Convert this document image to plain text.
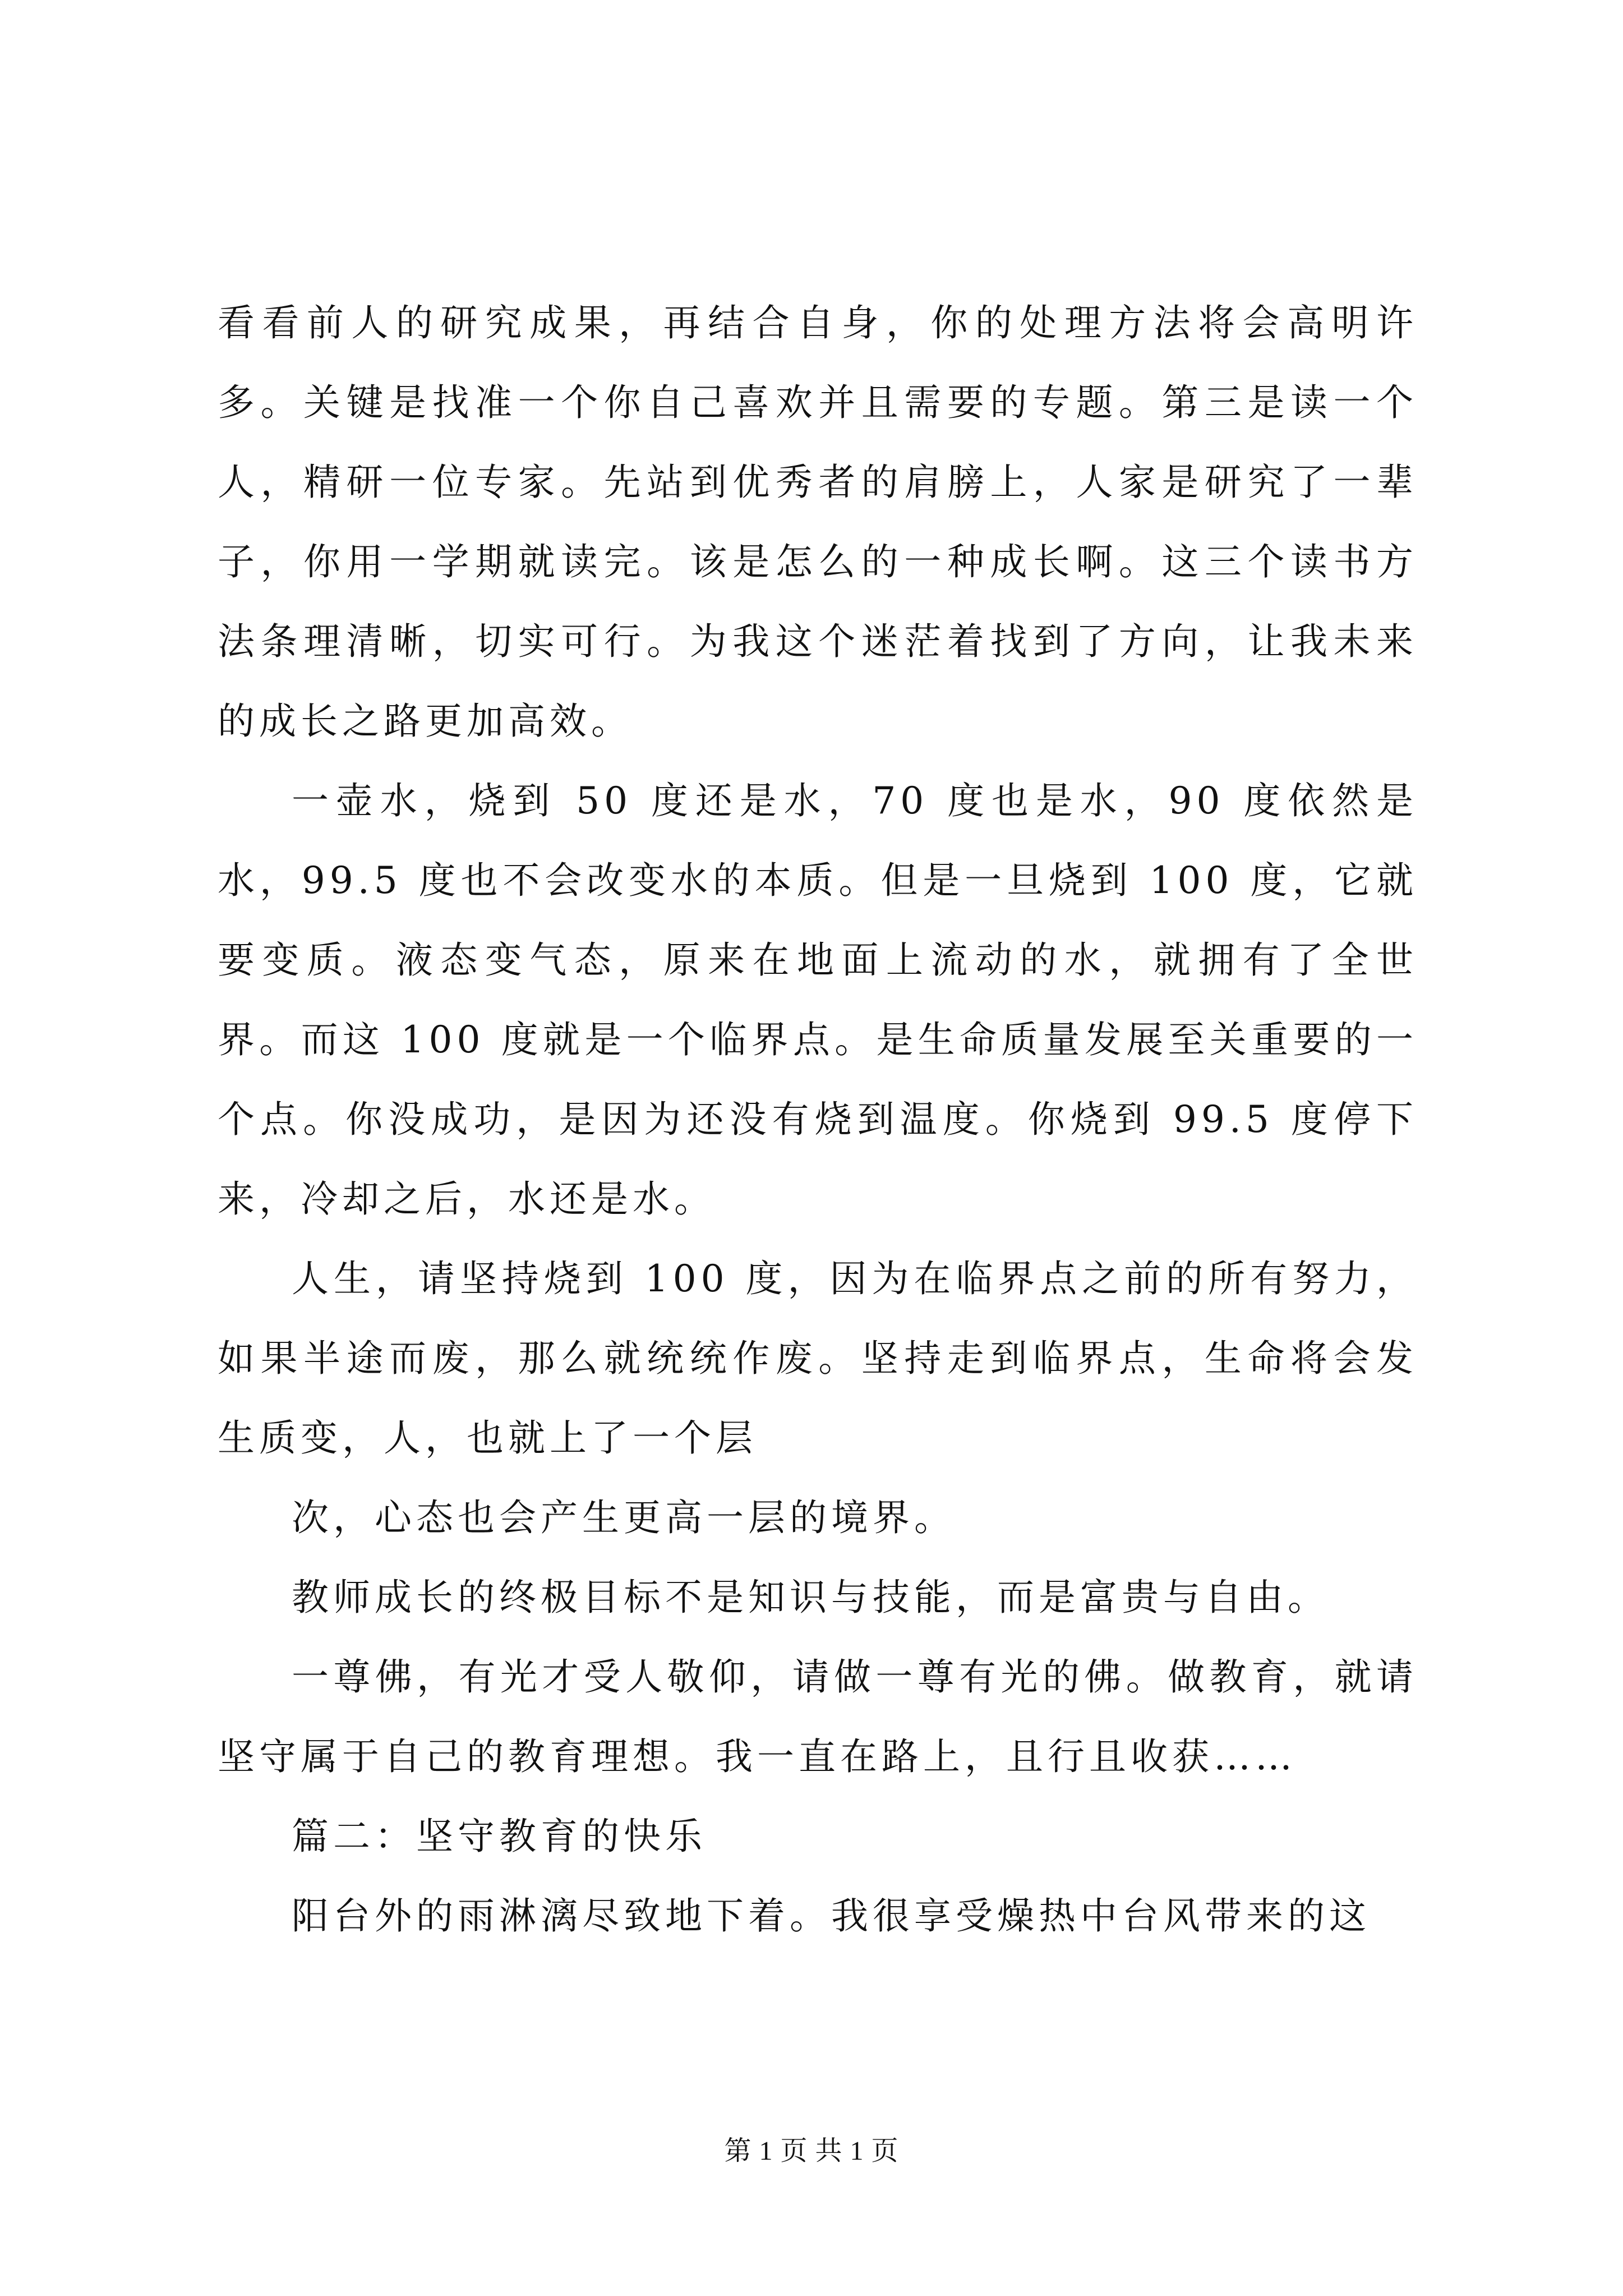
看看前人的研究成果，再结合自身，你的处理方法将会高明许多。关键是找准一个你自己喜欢并且需要的专题。第三是读一个人，精研一位专家。先站到优秀者的肩膀上，人家是研究了一辈子，你用一学期就读完。该是怎么的一种成长啊。这三个读书方法条理清晰，切实可行。为我这个迷茫着找到了方向，让我未来的成长之路更加高效。

一壶水，烧到 50 度还是水，70 度也是水，90 度依然是水，99.5 度也不会改变水的本质。但是一旦烧到 100 度，它就要变质。液态变气态，原来在地面上流动的水，就拥有了全世界。而这 100 度就是一个临界点。是生命质量发展至关重要的一个点。你没成功，是因为还没有烧到温度。你烧到 99.5 度停下来，冷却之后，水还是水。

人生，请坚持烧到 100 度，因为在临界点之前的所有努力，如果半途而废，那么就统统作废。坚持走到临界点，生命将会发生质变，人，也就上了一个层

次，心态也会产生更高一层的境界。

教师成长的终极目标不是知识与技能，而是富贵与自由。

一尊佛，有光才受人敬仰，请做一尊有光的佛。做教育，就请坚守属于自己的教育理想。我一直在路上，且行且收获……

篇二：坚守教育的快乐

阳台外的雨淋漓尽致地下着。我很享受燥热中台风带来的这

第 1 页 共 1 页
